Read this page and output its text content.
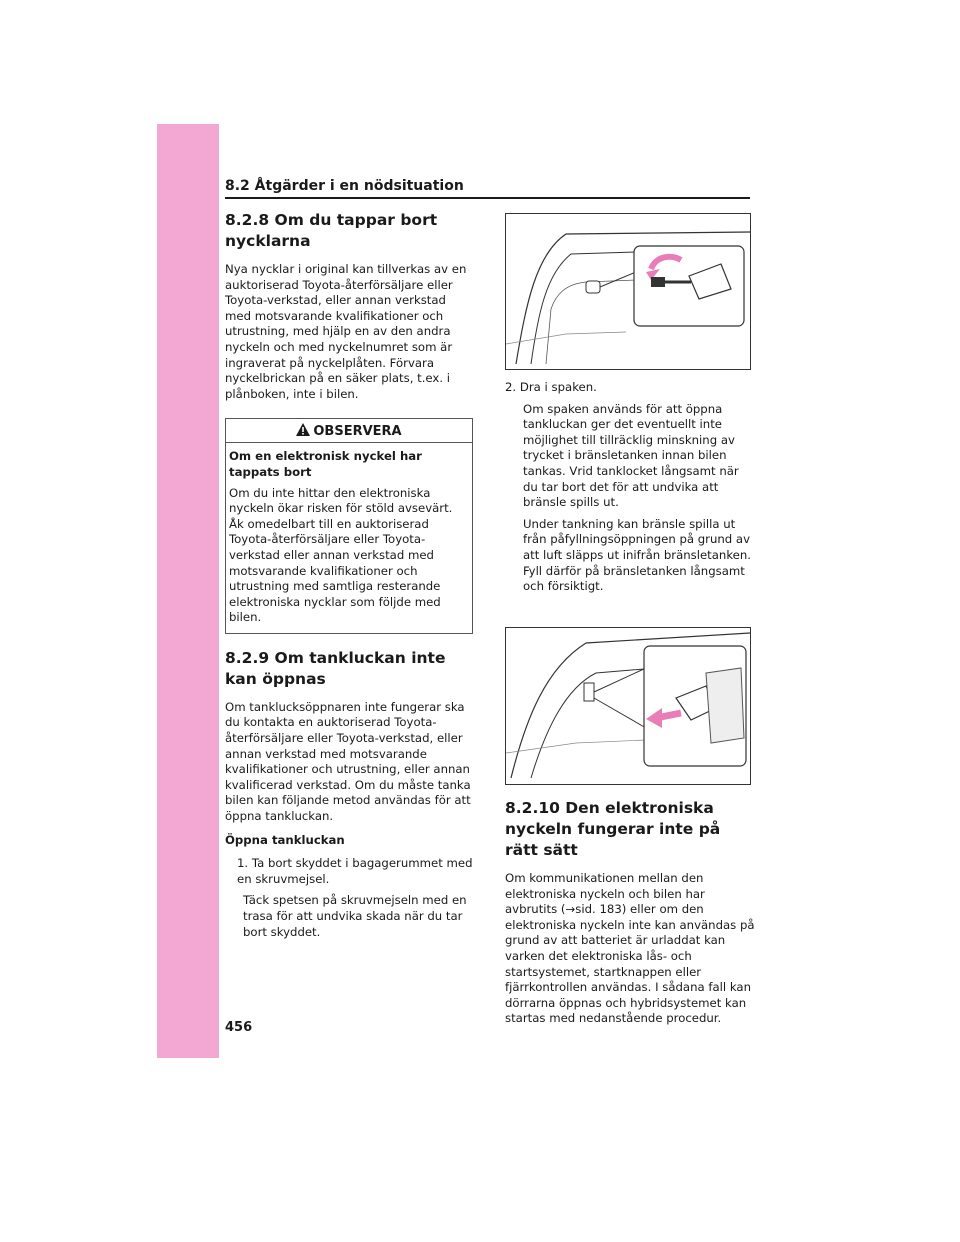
8.2 Åtgärder i en nödsituation
8.2.8 Om du tappar bort nycklarna

Nya nycklar i original kan tillverkas av en auktoriserad Toyota-återförsäljare eller Toyota-verkstad, eller annan verkstad med motsvarande kvalifikationer och utrustning, med hjälp en av den andra nyckeln och med nyckelnumret som är ingraverat på nyckelplåten. Förvara nyckelbrickan på en säker plats, t.ex. i plånboken, inte i bilen.

OBSERVERA

Om en elektronisk nyckel har tappats bort

Om du inte hittar den elektroniska nyckeln ökar risken för stöld avsevärt. Åk omedelbart till en auktoriserad Toyota-återförsäljare eller Toyota-verkstad eller annan verkstad med motsvarande kvalifikationer och utrustning med samtliga resterande elektroniska nycklar som följde med bilen.

8.2.9 Om tankluckan inte kan öppnas

Om tanklucksöppnaren inte fungerar ska du kontakta en auktoriserad Toyota-återförsäljare eller Toyota-verkstad, eller annan verkstad med motsvarande kvalifikationer och utrustning, eller annan kvalificerad verkstad. Om du måste tanka bilen kan följande metod användas för att öppna tankluckan.

Öppna tankluckan

1. Ta bort skyddet i bagagerummet med en skruvmejsel.
Täck spetsen på skruvmejseln med en trasa för att undvika skada när du tar bort skyddet.
2. Dra i spaken.
Om spaken används för att öppna tankluckan ger det eventuellt inte möjlighet till tillräcklig minskning av trycket i bränsletanken innan bilen tankas. Vrid tanklocket långsamt när du tar bort det för att undvika att bränsle spills ut.
Under tankning kan bränsle spilla ut från påfyllningsöppningen på grund av att luft släpps ut inifrån bränsletanken. Fyll därför på bränsletanken långsamt och försiktigt.
8.2.10 Den elektroniska nyckeln fungerar inte på rätt sätt

Om kommunikationen mellan den elektroniska nyckeln och bilen har avbrutits (→sid. 183) eller om den elektroniska nyckeln inte kan användas på grund av att batteriet är urladdat kan varken det elektroniska lås- och startsystemet, startknappen eller fjärrkontrollen användas. I sådana fall kan dörrarna öppnas och hybridsystemet kan startas med nedanstående procedur.

456
